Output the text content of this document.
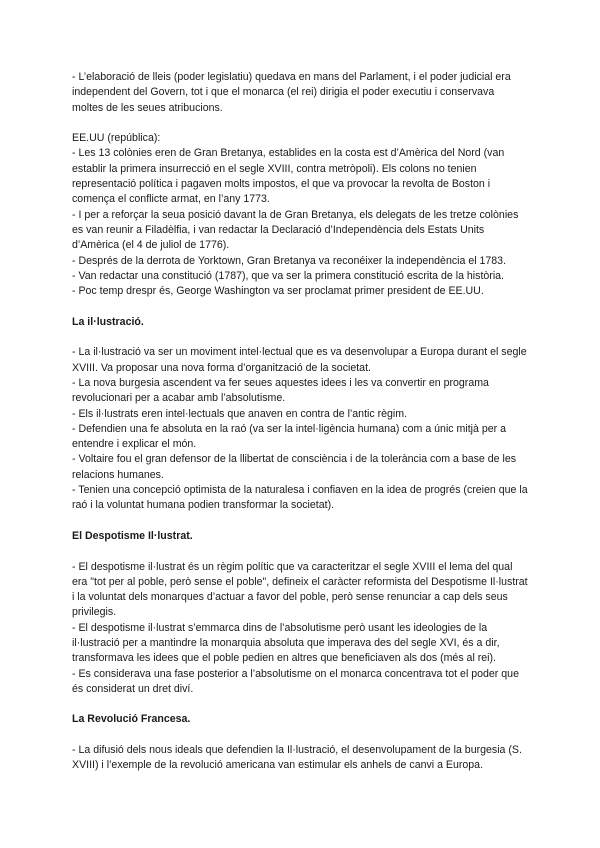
- L’elaboració de lleis (poder legislatiu) quedava en mans del Parlament, i el poder judicial era independent del Govern, tot i que el monarca (el rei) dirigia el poder executiu i conservava moltes de les seues atribucions.

EE.UU (república):

- Les 13 colònies eren de Gran Bretanya, establides en la costa est d’Amèrica del Nord (van establir la primera insurrecció en el segle XVIII, contra metròpoli). Els colons no tenien representació política i pagaven molts impostos, el que va provocar la revolta de Boston i comença el conflicte armat, en l’any 1773.

- I per a reforçar la seua posició davant la de Gran Bretanya, els delegats de les tretze colònies es van reunir a Filadèlfia, i van redactar la Declaració d’Independència dels Estats Units d’Amèrica (el 4 de juliol de 1776).

- Després de la derrota de Yorktown, Gran Bretanya va reconéixer la independència el 1783.

- Van redactar una constitució (1787), que va ser la primera constitució escrita de la història.

- Poc temp drespr és, George Washington va ser proclamat primer president de EE.UU.

La il·lustració.

- La il·lustració va ser un moviment intel·lectual que es va desenvolupar a Europa durant el segle XVIII. Va proposar una nova forma d’organització de la societat.

- La nova burgesia ascendent va fer seues aquestes idees i les va convertir en programa revolucionari per a acabar amb l’absolutisme.

- Els il·lustrats eren intel·lectuals que anaven en contra de l’antic règim.

- Defendien una fe absoluta en la raó (va ser la intel·ligència humana) com a únic mitjà per a entendre i explicar el món.

- Voltaire fou el gran defensor de la llibertat de consciència i de la tolerància com a base de les relacions humanes.

- Tenien una concepció optimista de la naturalesa i confiaven en la idea de progrés (creien que la raó i la voluntat humana podien transformar la societat).

El Despotisme Il·lustrat.

- El despotisme il·lustrat és un règim polític que va caracteritzar el segle XVIII el lema del qual era "tot per al poble, però sense el poble", defineix el caràcter reformista del Despotisme Il·lustrat i la voluntat dels monarques d’actuar a favor del poble, però sense renunciar a cap dels seus privilegis.

- El despotisme il·lustrat s’emmarca dins de l’absolutisme però usant les ideologies de la il·lustració per a mantindre la monarquia absoluta que imperava des del segle XVI, és a dir, transformava les idees que el poble pedien en altres que beneficiaven als dos (més al rei).

- Es considerava una fase posterior a l’absolutisme on el monarca concentrava tot el poder que és considerat un dret diví.

La Revolució Francesa.

- La difusió dels nous ideals que defendien la Il·lustració, el desenvolupament de la burgesia (S. XVIII) i l’exemple de la revolució americana van estimular els anhels de canvi a Europa.
